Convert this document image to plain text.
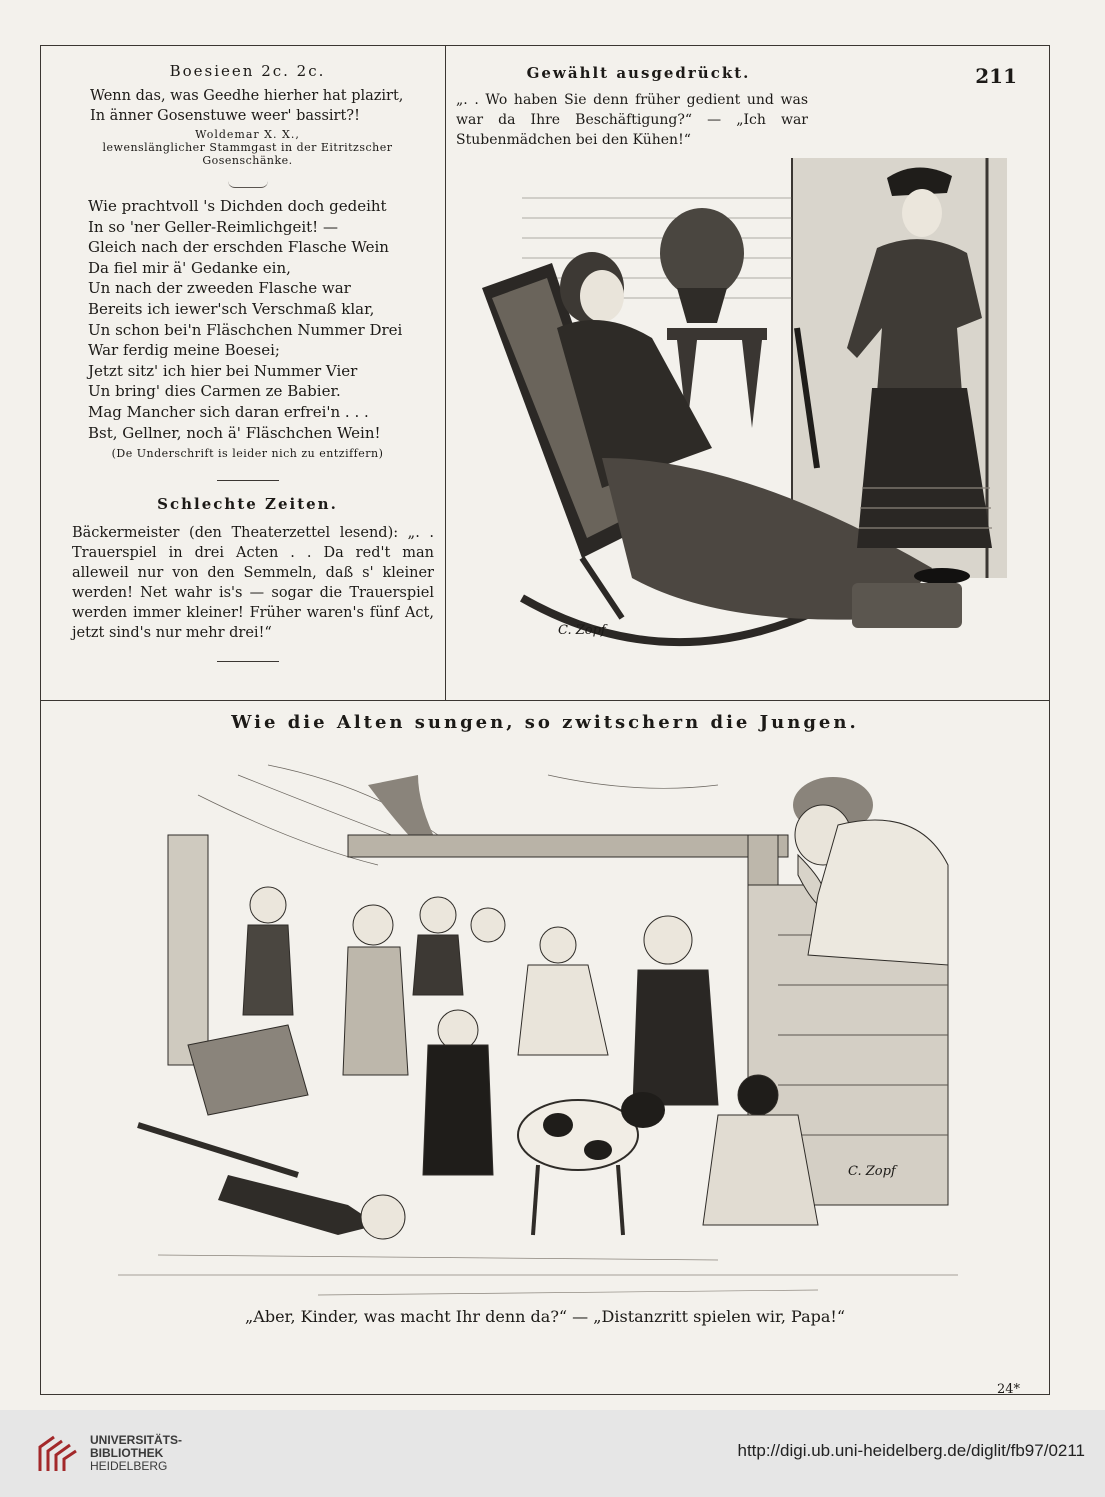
211
Boesieen 2c. 2c.

Wenn das, was Geedhe hierher hat plazirt,

In änner Gosenstuwe weer' bassirt?!

Woldemar X. X.,
lewenslänglicher Stammgast in der Eitritzscher Gosenschänke.

Wie prachtvoll 's Dichden doch gedeiht

In so 'ner Geller-Reimlichgeit! —

Gleich nach der erschden Flasche Wein

Da fiel mir ä' Gedanke ein,

Un nach der zweeden Flasche war

Bereits ich iewer'sch Verschmaß klar,

Un schon bei'n Fläschchen Nummer Drei

War ferdig meine Boesei;

Jetzt sitz' ich hier bei Nummer Vier

Un bring' dies Carmen ze Babier.

Mag Mancher sich daran erfrei'n . . .

Bst, Gellner, noch ä' Fläschchen Wein!

(De Underschrift is leider nich zu entziffern)
Schlechte Zeiten.

Bäckermeister (den Theaterzettel lesend): „. . Trauerspiel in drei Acten . . Da red't man alleweil nur von den Semmeln, daß s' kleiner werden! Net wahr is's — sogar die Trauerspiel werden immer kleiner! Früher waren's fünf Act, jetzt sind's nur mehr drei!“

Gewählt ausgedrückt.

„. . Wo haben Sie denn früher gedient und was war da Ihre Beschäftigung?“ — „Ich war Stubenmädchen bei den Kühen!“

C. Zopf
Wie die Alten sungen, so zwitschern die Jungen.
C. Zopf
„Aber, Kinder, was macht Ihr denn da?“ — „Distanzritt spielen wir, Papa!“
24*
UNIVERSITÄTS-
BIBLIOTHEK
HEIDELBERG
http://digi.ub.uni-heidelberg.de/diglit/fb97/0211
